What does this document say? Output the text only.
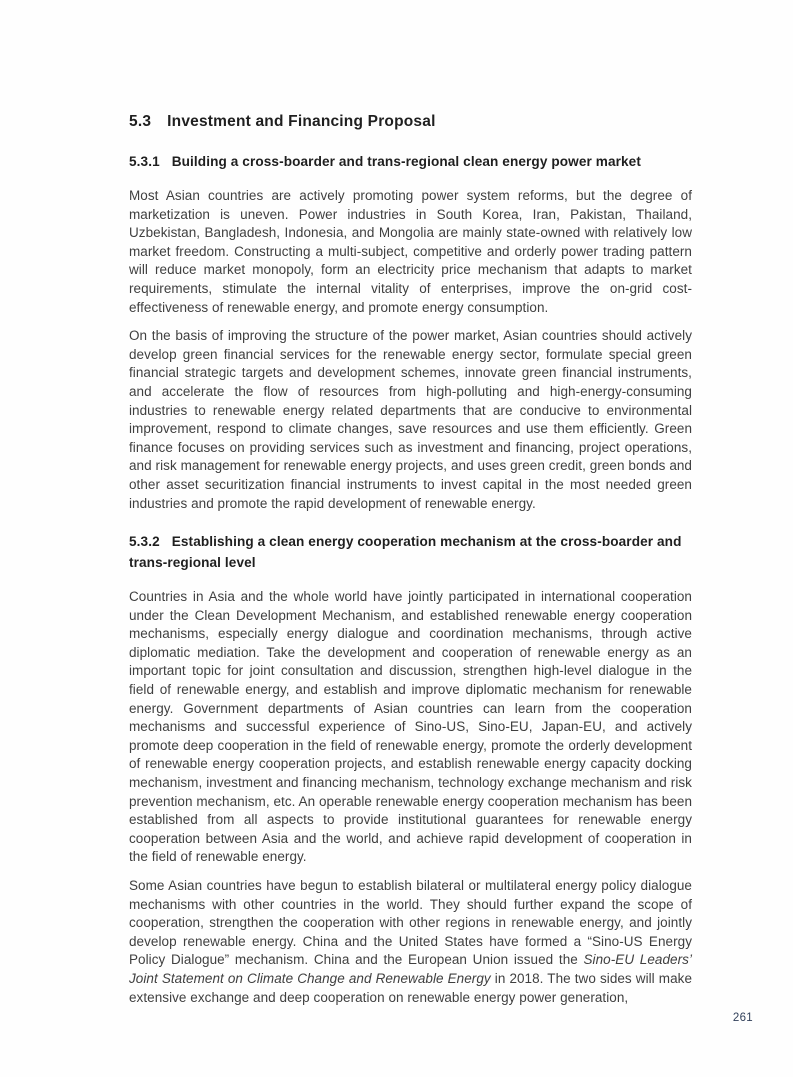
5.3 Investment and Financing Proposal
5.3.1 Building a cross-boarder and trans-regional clean energy power market

Most Asian countries are actively promoting power system reforms, but the degree of marketization is uneven. Power industries in South Korea, Iran, Pakistan, Thailand, Uzbekistan, Bangladesh, Indonesia, and Mongolia are mainly state-owned with relatively low market freedom. Constructing a multi-subject, competitive and orderly power trading pattern will reduce market monopoly, form an electricity price mechanism that adapts to market requirements, stimulate the internal vitality of enterprises, improve the on-grid cost-effectiveness of renewable energy, and promote energy consumption.

On the basis of improving the structure of the power market, Asian countries should actively develop green financial services for the renewable energy sector, formulate special green financial strategic targets and development schemes, innovate green financial instruments, and accelerate the flow of resources from high-polluting and high-energy-consuming industries to renewable energy related departments that are conducive to environmental improvement, respond to climate changes, save resources and use them efficiently. Green finance focuses on providing services such as investment and financing, project operations, and risk management for renewable energy projects, and uses green credit, green bonds and other asset securitization financial instruments to invest capital in the most needed green industries and promote the rapid development of renewable energy.

5.3.2 Establishing a clean energy cooperation mechanism at the cross-boarder and trans-regional level

Countries in Asia and the whole world have jointly participated in international cooperation under the Clean Development Mechanism, and established renewable energy cooperation mechanisms, especially energy dialogue and coordination mechanisms, through active diplomatic mediation. Take the development and cooperation of renewable energy as an important topic for joint consultation and discussion, strengthen high-level dialogue in the field of renewable energy, and establish and improve diplomatic mechanism for renewable energy. Government departments of Asian countries can learn from the cooperation mechanisms and successful experience of Sino-US, Sino-EU, Japan-EU, and actively promote deep cooperation in the field of renewable energy, promote the orderly development of renewable energy cooperation projects, and establish renewable energy capacity docking mechanism, investment and financing mechanism, technology exchange mechanism and risk prevention mechanism, etc. An operable renewable energy cooperation mechanism has been established from all aspects to provide institutional guarantees for renewable energy cooperation between Asia and the world, and achieve rapid development of cooperation in the field of renewable energy.

Some Asian countries have begun to establish bilateral or multilateral energy policy dialogue mechanisms with other countries in the world. They should further expand the scope of cooperation, strengthen the cooperation with other regions in renewable energy, and jointly develop renewable energy. China and the United States have formed a “Sino-US Energy Policy Dialogue” mechanism. China and the European Union issued the Sino-EU Leaders’ Joint Statement on Climate Change and Renewable Energy in 2018. The two sides will make extensive exchange and deep cooperation on renewable energy power generation,

261
